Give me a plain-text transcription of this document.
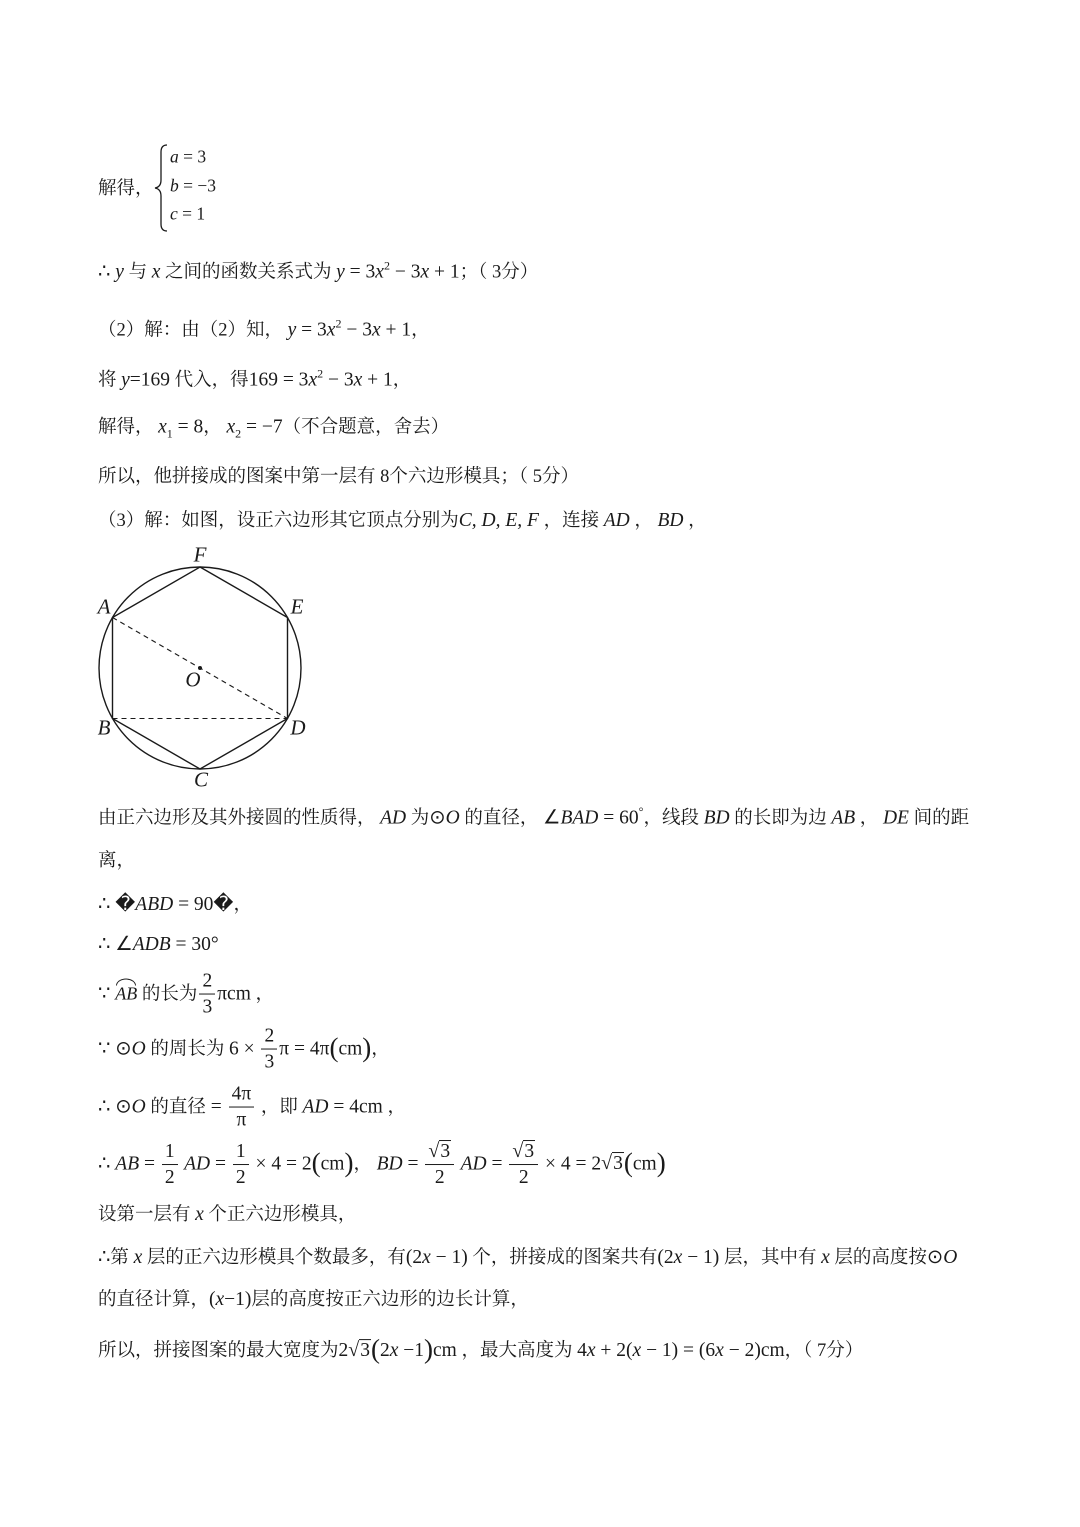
解得，
a = 3
b = −3
c = 1
∴ y 与 x 之间的函数关系式为 $y = 3x^2 - 3x + 1$；（ 3分）
（2）解：由（2）知， $y = 3x^2 - 3x + 1$，
将 y=169 代入，得$169 = 3x^2 - 3x + 1$，
解得， $x_1 = 8$， $x_2 = -7$（不合题意，舍去）
所以，他拼接成的图案中第一层有 8个六边形模具；（ 5分）
（3）解：如图，设正六边形其它顶点分别为C, D, E, F ，连接 AD ， BD ，
F
A	E
O
B	D
C
由正六边形及其外接圆的性质得， AD 为⊙O 的直径， ∠BAD = 60°，线段 BD 的长即为边 AB ， DE 间的距
离，
∴ �ABD = 90�，
∴ ∠ADB = 30°
∵ AB 的长为 $\frac{2}{3}$ πcm ，
∵ ⊙O 的周长为 $6 \times \frac{2}{3}$ π = 4π(cm)，
∴ ⊙O 的直径 = $\frac{4\pi}{\pi}$ ，即 AD = 4cm ，
∴ AB = $\frac{1}{2}$ AD = $\frac{1}{2} \times 4 = 2(cm)$， BD = $\frac{√3}{2}$ AD = $\frac{√3}{2} \times 4 = 2√3(cm)$
设第一层有 x 个正六边形模具，
∴第 x 层的正六边形模具个数最多，有(2x − 1) 个，拼接成的图案共有(2x − 1) 层，其中有 x 层的高度按⊙O
的直径计算，(x−1)层的高度按正六边形的边长计算，
所以，拼接图案的最大宽度为2√3(2x −1)cm ，最大高度为 4x + 2(x − 1) = (6x − 2)cm，（ 7分）
